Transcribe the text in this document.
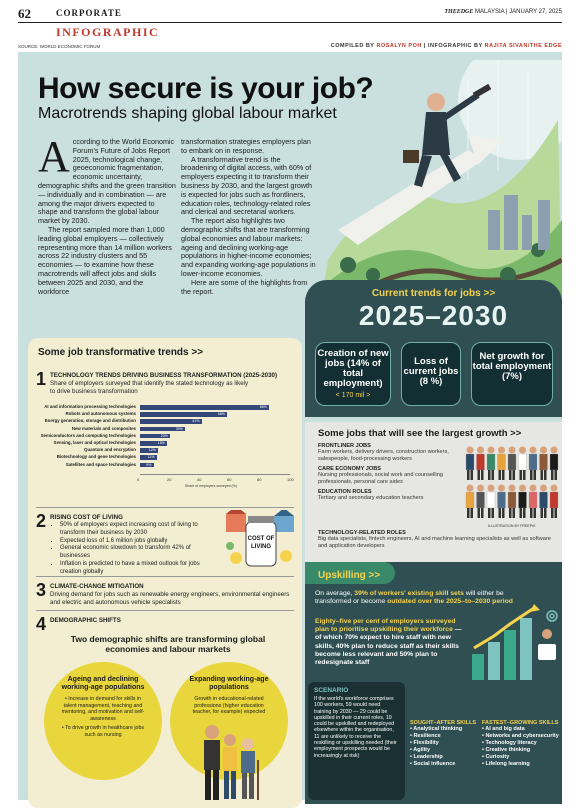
62	CORPORATE	THEEDGE MALAYSIA | JANUARY 27, 2025
INFOGRAPHIC
SOURCE: WORLD ECONOMIC FORUM	COMPILED BY ROSALYN POH | INFOGRAPHIC BY RAJITA SIVAN/THE EDGE
How secure is your job?
Macrotrends shaping global labour market
A ccording to the World Economic Forum's Future of Jobs Report 2025, technological change, geoeconomic fragmentation, economic uncertainty, demographic shifts and the green transition — individually and in combination — are among the major drivers expected to shape and transform the global labour market by 2030.

The report sampled more than 1,000 leading global employers — collectively representing more than 14 million workers across 22 industry clusters and 55 economies — to examine how these macrotrends will affect jobs and skills between 2025 and 2030, and the workforce

transformation strategies employers plan to embark on in response.

A transformative trend is the broadening of digital access, with 60% of employers expecting it to transform their business by 2030, and the largest growth is expected for jobs such as frontliners, education roles, technology-related roles and clerical and secretarial workers.

The report also highlights two demographic shifts that are transforming global economies and labour markets: ageing and declining working-age populations in higher-income economies; and expanding working-age populations in lower-income economies.

Here are some of the highlights from the report.	Current trends for jobs >>
2025–2030
Creation of new jobs (14% of total employment)
< 170 mil >
Loss of current jobs (8 %)
Net growth for total employment (7%)
Some job transformative trends >>
1 TECHNOLOGY TRENDS DRIVING BUSINESS TRANSFORMATION (2025-2030)
Share of employers surveyed that identify the stated technology as likely to drive business transformation
AI and information processing technologies	86%
Robots and autonomous systems	58%
Energy generation, storage and distribution	41%
New materials and composites	30%
Semiconductors and computing technologies	20%
Sensing, laser and optical technologies	18%
Quantum and encryption	12%
Biotechnology and gene technologies	11%
Satellites and space technologies	9%
0	20	40	60	80	100
Share of employers surveyed (%)
2 RISING COST OF LIVING
• 50% of employers expect increasing cost of living to transform their business by 2030
• Expected loss of 1.6 million jobs globally
• General economic slowdown to transform 42% of businesses
• Inflation is predicted to have a mixed outlook for jobs creation globally
COST OF
LIVING
3 CLIMATE-CHANGE MITIGATION
Driving demand for jobs such as renewable energy engineers, environmental engineers and electric and autonomous vehicle specialists
4 DEMOGRAPHIC SHIFTS
Two demographic shifts are transforming global economies and labour markets
Ageing and declining working-age populations
• Increase in demand for skills in talent management, teaching and mentoring, and motivation and self-awareness
• To drive growth in healthcare jobs such as nursing
Expanding working-age populations
Growth in educational-related professions (higher education teacher, for example) expected
Some jobs that will see the largest growth >>
FRONTLINER JOBS
Farm workers, delivery drivers, construction workers, salespeople, food-processing workers
CARE ECONOMY JOBS
Nursing professionals, social work and counselling professionals, personal care aides
EDUCATION ROLES
Tertiary and secondary education teachers
TECHNOLOGY-RELATED ROLES
Big data specialists, fintech engineers, AI and machine learning specialists as well as software and application developers
ILLUSTRATION BY FREEPIK
Upskilling >>
On average, 39% of workers' existing skill sets will either be transformed or become outdated over the 2025–to–2030 period
Eighty–five per cent of employers surveyed plan to prioritise upskilling their workforce — of which 70% expect to hire staff with new skills, 40% plan to reduce staff as their skills become less relevant and 50% plan to redesignate staff
SCENARIO
If the world's workforce comprises 100 workers, 59 would need training by 2030 — 29 could be upskilled in their current roles, 19 could be upskilled and redeployed elsewhere within the organisation, 11 are unlikely to receive the reskilling or upskilling needed (their employment prospects would be increasingly at risk)
SOUGHT–AFTER SKILLS
• Analytical thinking
• Resilience
• Flexibility
• Agility
• Leadership
• Social influence
FASTEST–GROWING SKILLS
• AI and big data
• Networks and cybersecurity
• Technology literacy
• Creative thinking
• Curiosity
• Lifelong learning
